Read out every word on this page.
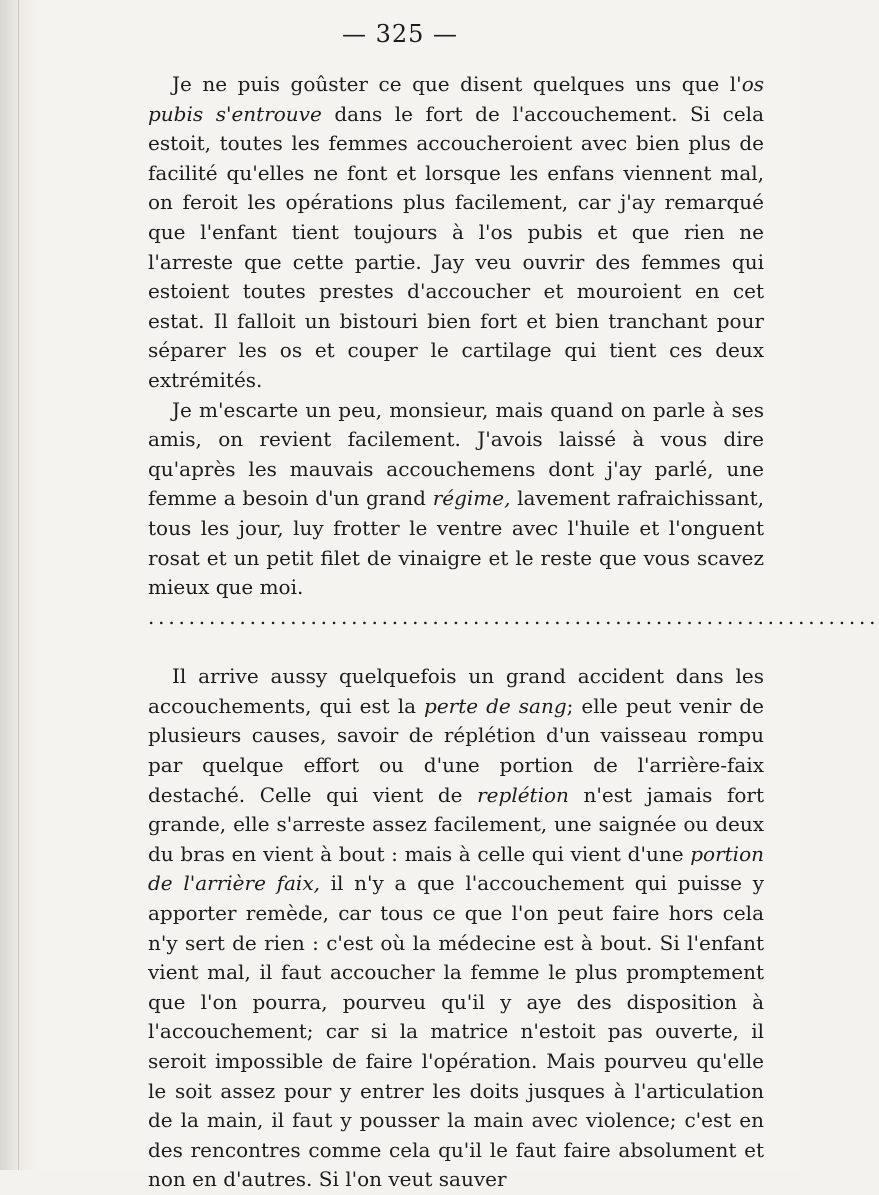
— 325 —

Je ne puis goûster ce que disent quelques uns que l'os pubis s'entrouve dans le fort de l'accouchement. Si cela estoit, toutes les femmes accoucheroient avec bien plus de facilité qu'elles ne font et lorsque les enfans viennent mal, on feroit les opérations plus facilement, car j'ay remarqué que l'enfant tient toujours à l'os pubis et que rien ne l'arreste que cette partie. Jay veu ouvrir des femmes qui estoient toutes prestes d'accoucher et mouroient en cet estat. Il falloit un bistouri bien fort et bien tranchant pour séparer les os et couper le cartilage qui tient ces deux extrémités.

Je m'escarte un peu, monsieur, mais quand on parle à ses amis, on revient facilement. J'avois laissé à vous dire qu'après les mauvais accouchemens dont j'ay parlé, une femme a besoin d'un grand régime, lavement rafraichissant, tous les jour, luy frotter le ventre avec l'huile et l'onguent rosat et un petit filet de vinaigre et le reste que vous scavez mieux que moi.

........................................................................

Il arrive aussy quelquefois un grand accident dans les accouchements, qui est la perte de sang; elle peut venir de plusieurs causes, savoir de réplétion d'un vaisseau rompu par quelque effort ou d'une portion de l'arrière-faix destaché. Celle qui vient de replétion n'est jamais fort grande, elle s'arreste assez facilement, une saignée ou deux du bras en vient à bout : mais à celle qui vient d'une portion de l'arrière faix, il n'y a que l'accouchement qui puisse y apporter remède, car tous ce que l'on peut faire hors cela n'y sert de rien : c'est où la médecine est à bout. Si l'enfant vient mal, il faut accoucher la femme le plus promptement que l'on pourra, pourveu qu'il y aye des disposition à l'accouchement; car si la matrice n'estoit pas ouverte, il seroit impossible de faire l'opération. Mais pourveu qu'elle le soit assez pour y entrer les doits jusques à l'articulation de la main, il faut y pousser la main avec violence; c'est en des rencontres comme cela qu'il le faut faire absolument et non en d'autres. Si l'on veut sauver
